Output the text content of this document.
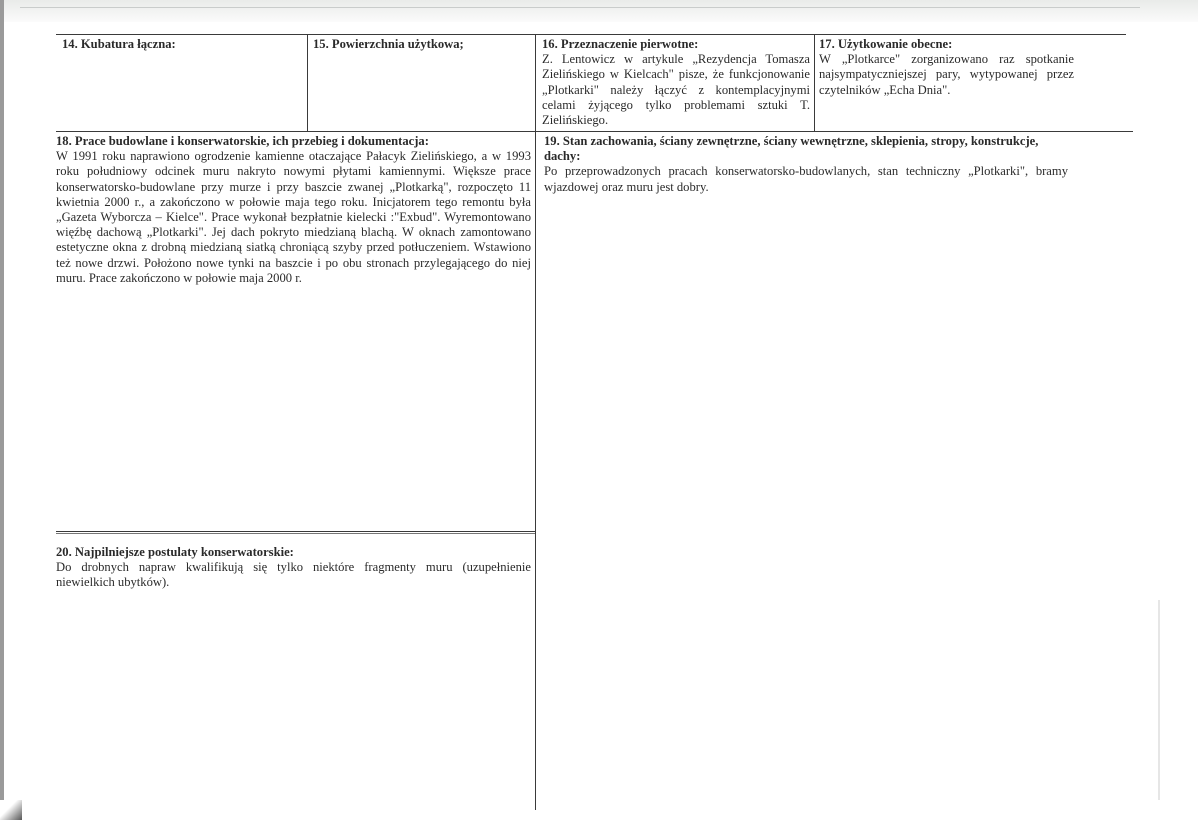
14. Kubatura łączna:	15. Powierzchnia użytkowa;	16. Przeznaczenie pierwotne:
Z. Lentowicz w artykule „Rezydencja Tomasza Zielińskiego w Kielcach" pisze, że funkcjonowanie „Plotkarki" należy łączyć z kontemplacyjnymi celami żyjącego tylko problemami sztuki T. Zielińskiego.
17. Użytkowanie obecne:
W „Plotkarce" zorganizowano raz spotkanie najsympatyczniejszej pary, wytypowanej przez czytelników „Echa Dnia".
18. Prace budowlane i konserwatorskie, ich przebieg i dokumentacja:
W 1991 roku naprawiono ogrodzenie kamienne otaczające Pałacyk Zielińskiego, a w 1993 roku południowy odcinek muru nakryto nowymi płytami kamiennymi. Większe prace konserwatorsko-budowlane przy murze i przy baszcie zwanej „Plotkarką", rozpoczęto 11 kwietnia 2000 r., a zakończono w połowie maja tego roku. Inicjatorem tego remontu była „Gazeta Wyborcza – Kielce". Prace wykonał bezpłatnie kielecki :"Exbud". Wyremontowano więźbę dachową „Plotkarki". Jej dach pokryto miedzianą blachą. W oknach zamontowano estetyczne okna z drobną miedzianą siatką chroniącą szyby przed potłuczeniem. Wstawiono też nowe drzwi. Położono nowe tynki na baszcie i po obu stronach przylegającego do niej muru. Prace zakończono w połowie maja 2000 r.
19. Stan zachowania, ściany zewnętrzne, ściany wewnętrzne, sklepienia, stropy, konstrukcje, dachy:
Po przeprowadzonych pracach konserwatorsko-budowlanych, stan techniczny „Plotkarki", bramy wjazdowej oraz muru jest dobry.
20. Najpilniejsze postulaty konserwatorskie:
Do drobnych napraw kwalifikują się tylko niektóre fragmenty muru (uzupełnienie niewielkich ubytków).
